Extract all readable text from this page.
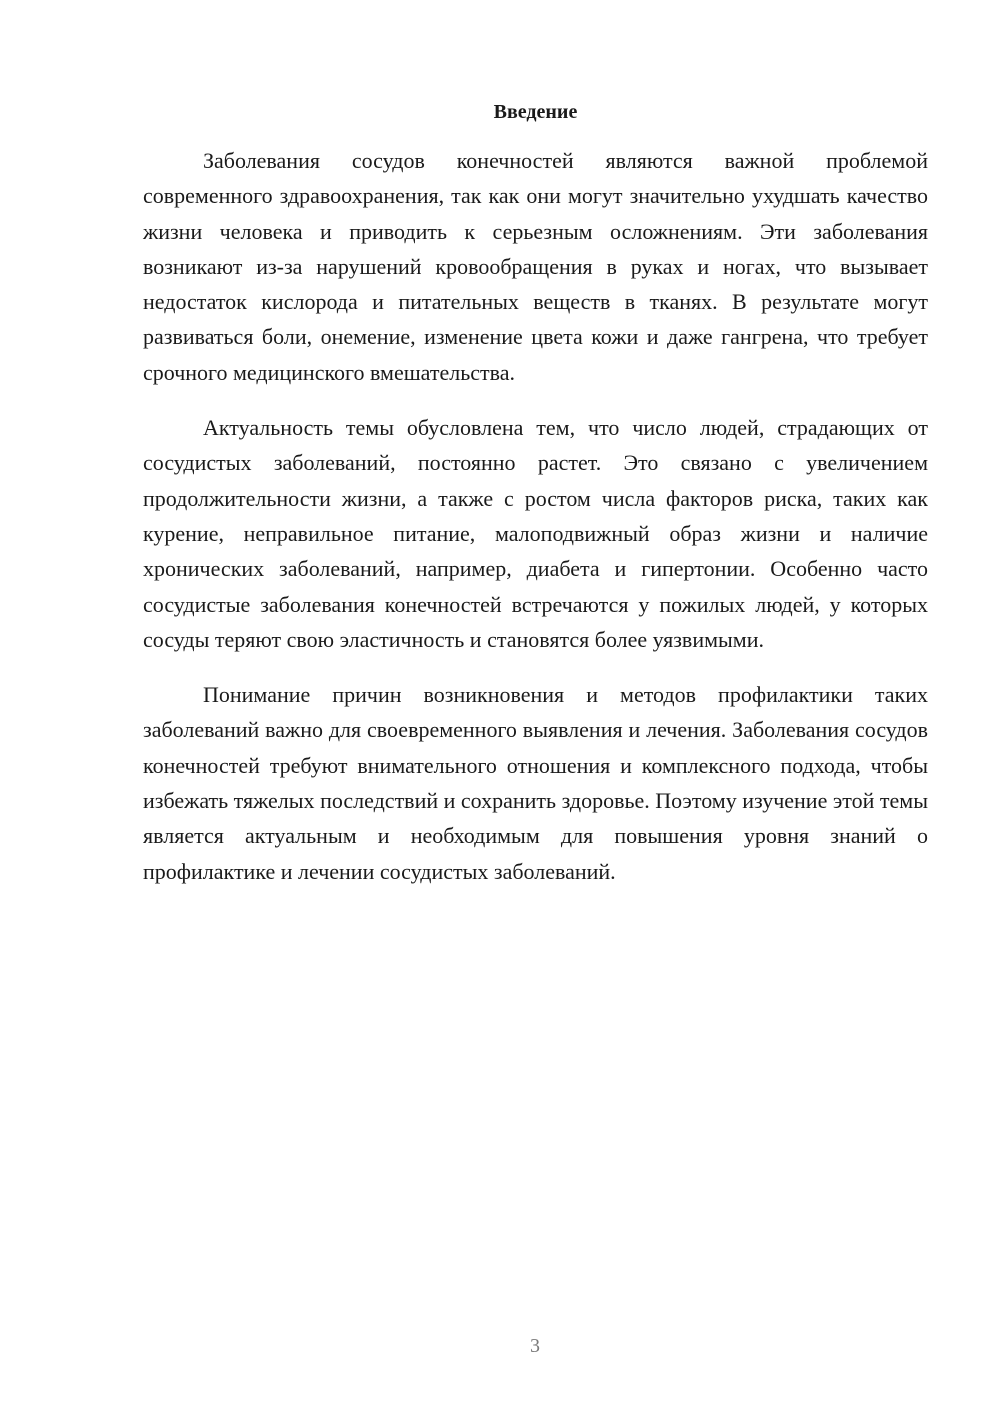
Введение

Заболевания сосудов конечностей являются важной проблемой современного здравоохранения, так как они могут значительно ухудшать качество жизни человека и приводить к серьезным осложнениям. Эти заболевания возникают из-за нарушений кровообращения в руках и ногах, что вызывает недостаток кислорода и питательных веществ в тканях. В результате могут развиваться боли, онемение, изменение цвета кожи и даже гангрена, что требует срочного медицинского вмешательства.

Актуальность темы обусловлена тем, что число людей, страдающих от сосудистых заболеваний, постоянно растет. Это связано с увеличением продолжительности жизни, а также с ростом числа факторов риска, таких как курение, неправильное питание, малоподвижный образ жизни и наличие хронических заболеваний, например, диабета и гипертонии. Особенно часто сосудистые заболевания конечностей встречаются у пожилых людей, у которых сосуды теряют свою эластичность и становятся более уязвимыми.

Понимание причин возникновения и методов профилактики таких заболеваний важно для своевременного выявления и лечения. Заболевания сосудов конечностей требуют внимательного отношения и комплексного подхода, чтобы избежать тяжелых последствий и сохранить здоровье. Поэтому изучение этой темы является актуальным и необходимым для повышения уровня знаний о профилактике и лечении сосудистых заболеваний.

3
